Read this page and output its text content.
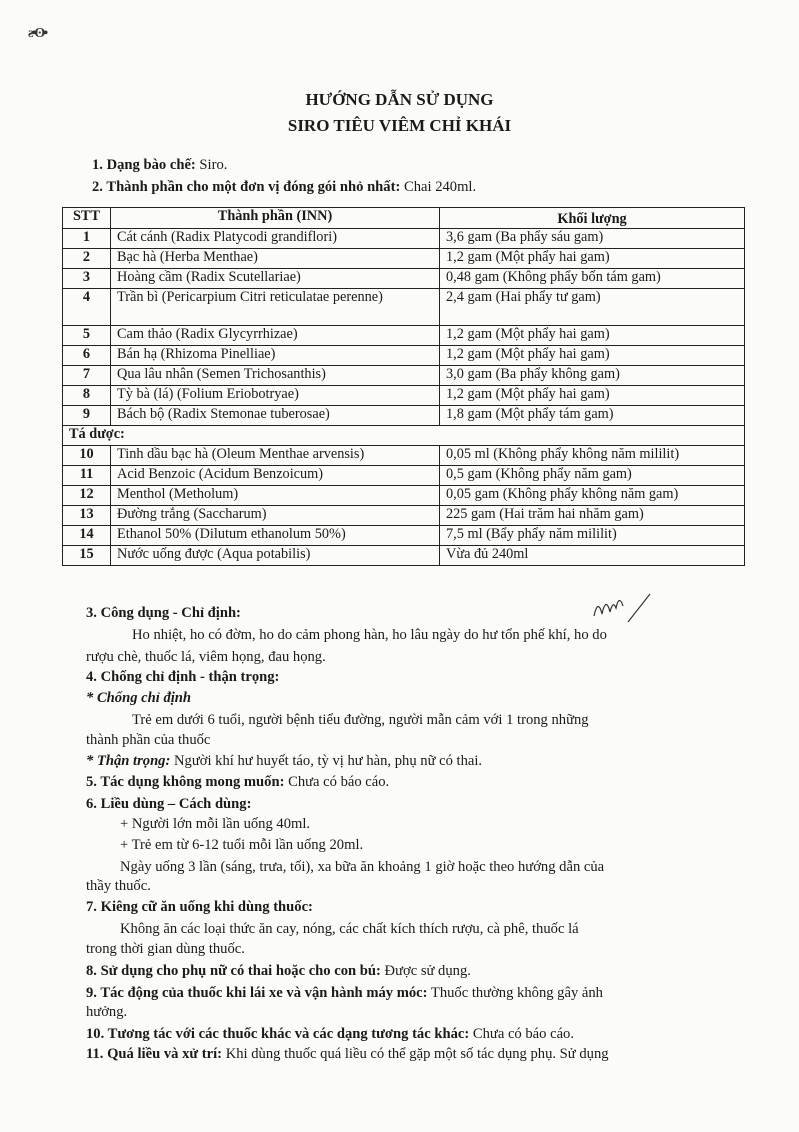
ƨ•ʘ•
HƯỚNG DẪN SỬ DỤNG
SIRO TIÊU VIÊM CHỈ KHÁI
1. Dạng bào chế: Siro.
2. Thành phần cho một đơn vị đóng gói nhỏ nhất: Chai 240ml.
STT	Thành phần (INN)	Khối lượng
1	Cát cánh (Radix Platycodi grandiflori)	3,6 gam (Ba phẩy sáu gam)
2	Bạc hà (Herba Menthae)	1,2 gam (Một phẩy hai gam)
3	Hoàng cầm (Radix Scutellariae)	0,48 gam (Không phẩy bốn tám gam)
4	Trần bì (Pericarpium Citri reticulatae perenne)	2,4 gam (Hai phẩy tư gam)
5	Cam thảo (Radix Glycyrrhizae)	1,2 gam (Một phẩy hai gam)
6	Bán hạ (Rhizoma Pinelliae)	1,2 gam (Một phẩy hai gam)
7	Qua lâu nhân (Semen Trichosanthis)	3,0 gam (Ba phẩy không gam)
8	Tỳ bà (lá) (Folium Eriobotryae)	1,2 gam (Một phẩy hai gam)
9	Bách bộ (Radix Stemonae tuberosae)	1,8 gam (Một phẩy tám gam)
Tá dược:		
10	Tinh dầu bạc hà (Oleum Menthae arvensis)	0,05 ml (Không phẩy không năm mililit)
11	Acid Benzoic (Acidum Benzoicum)	0,5 gam (Không phẩy năm gam)
12	Menthol (Metholum)	0,05 gam (Không phẩy không năm gam)
13	Đường trắng (Saccharum)	225 gam (Hai trăm hai nhăm gam)
14	Ethanol 50% (Dilutum ethanolum 50%)	7,5 ml (Bẩy phẩy năm mililit)
15	Nước uống được (Aqua potabilis)	Vừa đủ 240ml
3. Công dụng - Chỉ định:
Ho nhiệt, ho có đờm, ho do cảm phong hàn, ho lâu ngày do hư tổn phế khí, ho do
rượu chè, thuốc lá, viêm họng, đau họng.
4. Chống chỉ định - thận trọng:
* Chống chỉ định
Trẻ em dưới 6 tuổi, người bệnh tiểu đường, người mẫn cảm với 1 trong những
thành phần của thuốc
* Thận trọng: Người khí hư huyết táo, tỳ vị hư hàn, phụ nữ có thai.
5. Tác dụng không mong muốn: Chưa có báo cáo.
6. Liều dùng – Cách dùng:
+ Người lớn mỗi lần uống 40ml.
+ Trẻ em từ 6-12 tuổi mỗi lần uống 20ml.
Ngày uống 3 lần (sáng, trưa, tối), xa bữa ăn khoảng 1 giờ hoặc theo hướng dẫn của
thầy thuốc.
7. Kiêng cữ ăn uống khi dùng thuốc:
Không ăn các loại thức ăn cay, nóng, các chất kích thích rượu, cà phê, thuốc lá
trong thời gian dùng thuốc.
8. Sử dụng cho phụ nữ có thai hoặc cho con bú: Được sử dụng.
9. Tác động của thuốc khi lái xe và vận hành máy móc: Thuốc thường không gây ảnh
hưởng.
10. Tương tác với các thuốc khác và các dạng tương tác khác: Chưa có báo cáo.
11. Quá liều và xử trí: Khi dùng thuốc quá liều có thể gặp một số tác dụng phụ. Sử dụng
